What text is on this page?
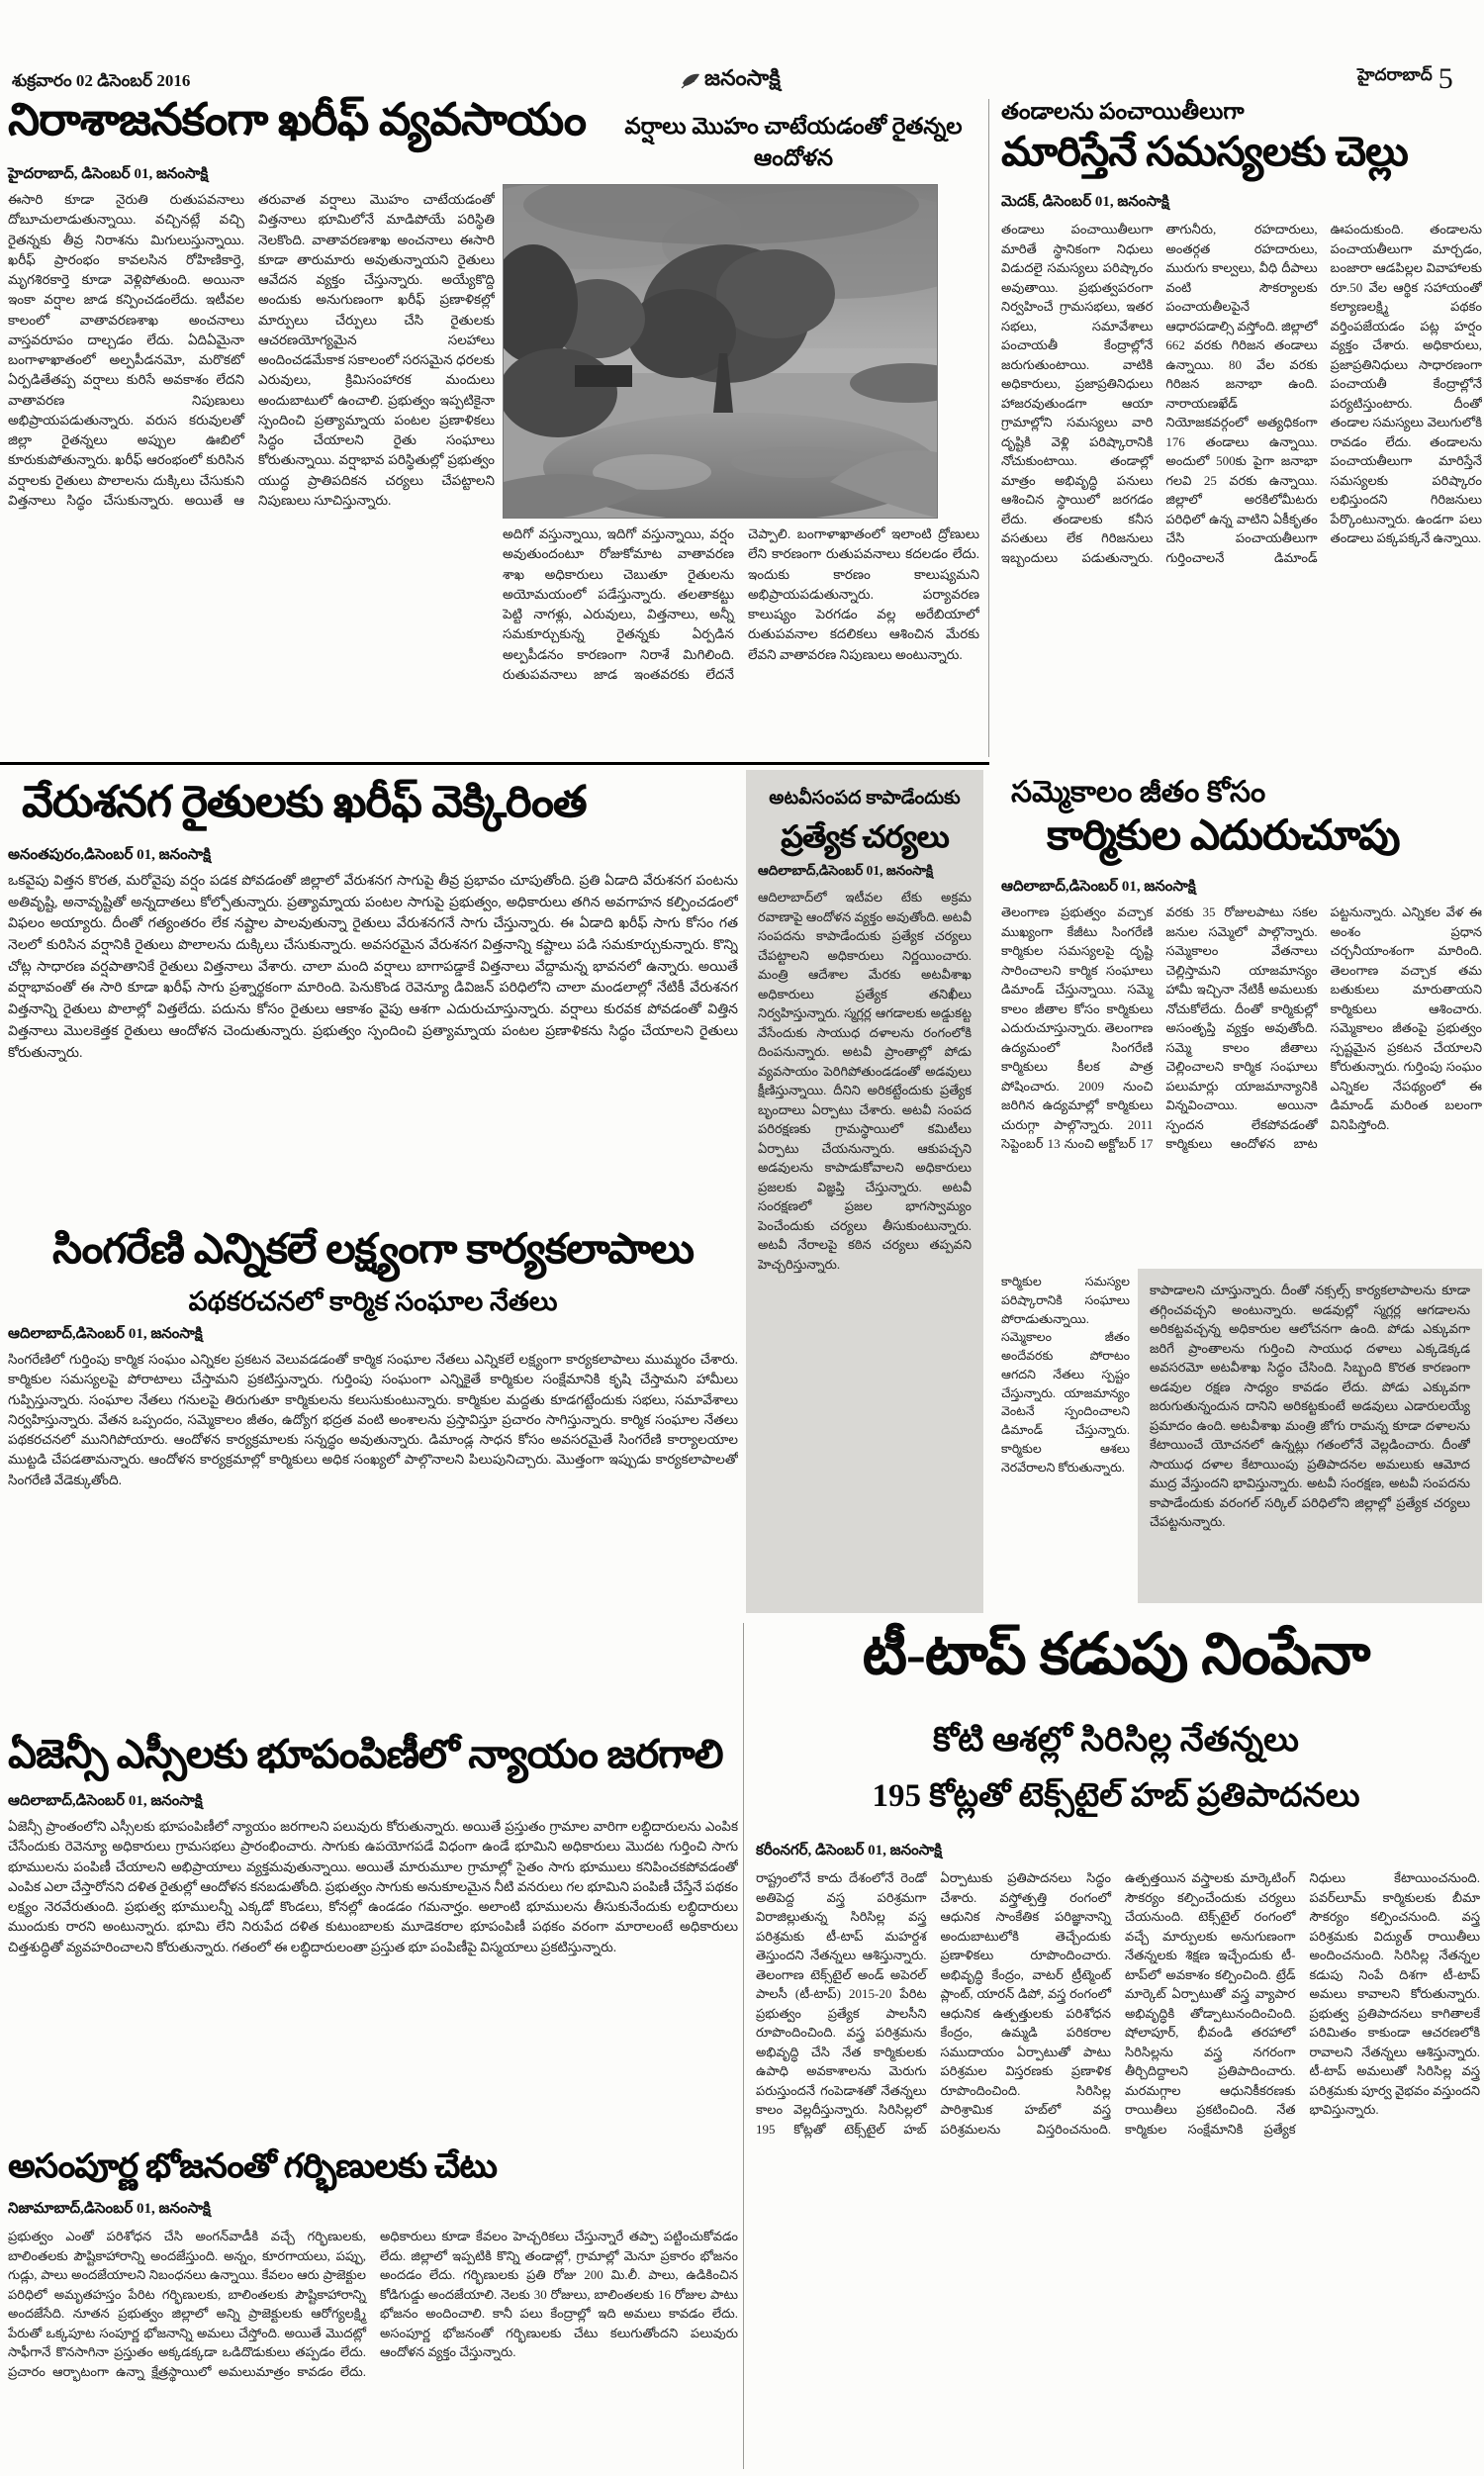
శుక్రవారం 02 డిసెంబర్ 2016	జనంసాక్షి	హైదరాబాద్ 5
నిరాశాజనకంగా ఖరీఫ్ వ్యవసాయం	వర్షాలు మొహం చాటేయడంతో రైతన్నల ఆందోళన
హైదరాబాద్, డిసెంబర్ 01, జనంసాక్షి
ఈసారి కూడా నైరుతి రుతుపవనాలు దోబూచులాడుతున్నాయి. వచ్చినట్లే వచ్చి రైతన్నకు తీవ్ర నిరాశను మిగులుస్తున్నాయి. ఖరీఫ్ ప్రారంభం కావలసిన రోహిణికార్తె, మృగశిరకార్తె కూడా వెళ్లిపోతుంది. అయినా ఇంకా వర్షాల జాడ కన్పించడంలేదు. ఇటీవల కాలంలో వాతావరణశాఖ అంచనాలు వాస్తవరూపం దాల్చడం లేదు. ఏదిఏమైనా బంగాళాఖాతంలో అల్పపీడనమో, మరొకటో ఏర్పడితేతప్ప వర్షాలు కురిసే అవకాశం లేదని వాతావరణ నిపుణులు అభిప్రాయపడుతున్నారు. వరుస కరువులతో జిల్లా రైతన్నలు అప్పుల ఊబిలో కూరుకుపోతున్నారు. ఖరీఫ్ ఆరంభంలో కురిసిన వర్షాలకు రైతులు పొలాలను దుక్కిలు చేసుకుని విత్తనాలు సిద్ధం చేసుకున్నారు. అయితే ఆ తరువాత వర్షాలు మొహం చాటేయడంతో విత్తనాలు భూమిలోనే మాడిపోయే పరిస్థితి నెలకొంది. వాతావరణశాఖ అంచనాలు ఈసారి కూడా తారుమారు అవుతున్నాయని రైతులు ఆవేదన వ్యక్తం చేస్తున్నారు. అయ్యేకొద్ది అందుకు అనుగుణంగా ఖరీఫ్ ప్రణాళికల్లో మార్పులు చేర్పులు చేసి రైతులకు ఆచరణయోగ్యమైన సలహాలు అందించడమేకాక సకాలంలో సరసమైన ధరలకు ఎరువులు, క్రిమిసంహారక మందులు అందుబాటులో ఉంచాలి. ప్రభుత్వం ఇప్పటికైనా స్పందించి ప్రత్యామ్నాయ పంటల ప్రణాళికలు సిద్ధం చేయాలని రైతు సంఘాలు కోరుతున్నాయి. వర్షాభావ పరిస్థితుల్లో ప్రభుత్వం యుద్ధ ప్రాతిపదికన చర్యలు చేపట్టాలని నిపుణులు సూచిస్తున్నారు.
అదిగో వస్తున్నాయి, ఇదిగో వస్తున్నాయి, వర్షం అవుతుందంటూ రోజుకోమాట వాతావరణ శాఖ అధికారులు చెబుతూ రైతులను అయోమయంలో పడేస్తున్నారు. తలతాకట్టు పెట్టి నాగళ్లు, ఎరువులు, విత్తనాలు, అన్నీ సమకూర్చుకున్న రైతన్నకు ఏర్పడిన అల్పపీడనం కారణంగా నిరాశే మిగిలింది. రుతుపవనాలు జాడ ఇంతవరకు లేదనే చెప్పాలి. బంగాళాఖాతంలో ఇలాంటి ద్రోణులు లేని కారణంగా రుతుపవనాలు కదలడం లేదు. ఇందుకు కారణం కాలుష్యమని అభిప్రాయపడుతున్నారు. పర్యావరణ కాలుష్యం పెరగడం వల్ల అరేబియాలో రుతుపవనాల కదలికలు ఆశించిన మేరకు లేవని వాతావరణ నిపుణులు అంటున్నారు.
తండాలను పంచాయితీలుగా
మారిస్తేనే సమస్యలకు చెల్లు
మెదక్, డిసెంబర్ 01, జనంసాక్షి
తండాలు పంచాయితీలుగా మారితే స్థానికంగా నిధులు విడుదలై సమస్యలు పరిష్కారం అవుతాయి. ప్రభుత్వపరంగా నిర్వహించే గ్రామసభలు, ఇతర సభలు, సమావేశాలు పంచాయతీ కేంద్రాల్లోనే జరుగుతుంటాయి. వాటికి అధికారులు, ప్రజాప్రతినిధులు హాజరవుతుండగా ఆయా గ్రామాల్లోని సమస్యలు వారి దృష్టికి వెళ్లి పరిష్కారానికి నోచుకుంటాయి. తండాల్లో మాత్రం అభివృద్ధి పనులు ఆశించిన స్థాయిలో జరగడం లేదు. తండాలకు కనీస వసతులు లేక గిరిజనులు ఇబ్బందులు పడుతున్నారు. తాగునీరు, రహదారులు, అంతర్గత రహదారులు, మురుగు కాల్వలు, వీధి దీపాలు వంటి సౌకర్యాలకు పంచాయతీలపైనే ఆధారపడాల్సి వస్తోంది. జిల్లాలో 662 వరకు గిరిజన తండాలు ఉన్నాయి. 80 వేల వరకు గిరిజన జనాభా ఉంది. నారాయణఖేడ్ నియోజకవర్గంలో అత్యధికంగా 176 తండాలు ఉన్నాయి. అందులో 500కు పైగా జనాభా గలవి 25 వరకు ఉన్నాయి. జిల్లాలో అరకిలోమీటరు పరిధిలో ఉన్న వాటిని ఏకీకృతం చేసి పంచాయతీలుగా గుర్తించాలనే డిమాండ్ ఊపందుకుంది. తండాలను పంచాయతీలుగా మార్చడం, బంజారా ఆడపిల్లల వివాహాలకు రూ.50 వేల ఆర్థిక సహాయంతో కల్యాణలక్ష్మి పథకం వర్తింపజేయడం పట్ల హర్షం వ్యక్తం చేశారు. అధికారులు, ప్రజాప్రతినిధులు సాధారణంగా పంచాయతీ కేంద్రాల్లోనే పర్యటిస్తుంటారు. దీంతో తండాల సమస్యలు వెలుగులోకి రావడం లేదు. తండాలను పంచాయతీలుగా మారిస్తేనే సమస్యలకు పరిష్కారం లభిస్తుందని గిరిజనులు పేర్కొంటున్నారు. ఉండగా పలు తండాలు పక్కపక్కనే ఉన్నాయి.
వేరుశనగ రైతులకు ఖరీఫ్ వెక్కిరింత
అనంతపురం,డిసెంబర్ 01, జనంసాక్షి
ఒకవైపు విత్తన కొరత, మరోవైపు వర్షం పడక పోవడంతో జిల్లాలో వేరుశనగ సాగుపై తీవ్ర ప్రభావం చూపుతోంది. ప్రతి ఏడాది వేరుశనగ పంటను అతివృష్టి, అనావృష్టితో అన్నదాతలు కోల్పోతున్నారు. ప్రత్యామ్నాయ పంటల సాగుపై ప్రభుత్వం, అధికారులు తగిన అవగాహన కల్పించడంలో విఫలం అయ్యారు. దీంతో గత్యంతరం లేక నష్టాల పాలవుతున్నా రైతులు వేరుశనగనే సాగు చేస్తున్నారు. ఈ ఏడాది ఖరీఫ్ సాగు కోసం గత నెలలో కురిసిన వర్షానికి రైతులు పొలాలను దుక్కిలు చేసుకున్నారు. అవసరమైన వేరుశనగ విత్తనాన్ని కష్టాలు పడి సమకూర్చుకున్నారు. కొన్ని చోట్ల సాధారణ వర్షపాతానికే రైతులు విత్తనాలు వేశారు. చాలా మంది వర్షాలు బాగాపడ్డాకే విత్తనాలు వేద్దామన్న భావనలో ఉన్నారు. అయితే వర్షాభావంతో ఈ సారి కూడా ఖరీఫ్ సాగు ప్రశ్నార్థకంగా మారింది. పెనుకొండ రెవెన్యూ డివిజన్ పరిధిలోని చాలా మండలాల్లో నేటికీ వేరుశనగ విత్తనాన్ని రైతులు పొలాల్లో విత్తలేదు. పదును కోసం రైతులు ఆకాశం వైపు ఆశగా ఎదురుచూస్తున్నారు. వర్షాలు కురవక పోవడంతో విత్తిన విత్తనాలు మొలకెత్తక రైతులు ఆందోళన చెందుతున్నారు. ప్రభుత్వం స్పందించి ప్రత్యామ్నాయ పంటల ప్రణాళికను సిద్ధం చేయాలని రైతులు కోరుతున్నారు.
అటవీసంపద కాపాడేందుకు
ప్రత్యేక చర్యలు
ఆదిలాబాద్,డిసెంబర్ 01, జనంసాక్షి
ఆదిలాబాద్‌లో ఇటీవల టేకు అక్రమ రవాణాపై ఆందోళన వ్యక్తం అవుతోంది. అటవీ సంపదను కాపాడేందుకు ప్రత్యేక చర్యలు చేపట్టాలని అధికారులు నిర్ణయించారు. మంత్రి ఆదేశాల మేరకు అటవీశాఖ అధికారులు ప్రత్యేక తనిఖీలు నిర్వహిస్తున్నారు. స్మగ్లర్ల ఆగడాలకు అడ్డుకట్ట వేసేందుకు సాయుధ దళాలను రంగంలోకి దింపనున్నారు. అటవీ ప్రాంతాల్లో పోడు వ్యవసాయం పెరిగిపోతుండడంతో అడవులు క్షీణిస్తున్నాయి. దీనిని అరికట్టేందుకు ప్రత్యేక బృందాలు ఏర్పాటు చేశారు. అటవీ సంపద పరిరక్షణకు గ్రామస్థాయిలో కమిటీలు ఏర్పాటు చేయనున్నారు. ఆకుపచ్చని అడవులను కాపాడుకోవాలని అధికారులు ప్రజలకు విజ్ఞప్తి చేస్తున్నారు. అటవీ సంరక్షణలో ప్రజల భాగస్వామ్యం పెంచేందుకు చర్యలు తీసుకుంటున్నారు. అటవీ నేరాలపై కఠిన చర్యలు తప్పవని హెచ్చరిస్తున్నారు.
సమ్మెకాలం జీతం కోసం
కార్మికుల ఎదురుచూపు
ఆదిలాబాద్,డిసెంబర్ 01, జనంసాక్షి
తెలంగాణ ప్రభుత్వం వచ్చాక ముఖ్యంగా కేజీటు సింగరేణి కార్మికుల సమస్యలపై దృష్టి సారించాలని కార్మిక సంఘాలు డిమాండ్ చేస్తున్నాయి. సమ్మె కాలం జీతాల కోసం కార్మికులు ఎదురుచూస్తున్నారు. తెలంగాణ ఉద్యమంలో సింగరేణి కార్మికులు కీలక పాత్ర పోషించారు. 2009 నుంచి జరిగిన ఉద్యమాల్లో కార్మికులు చురుగ్గా పాల్గొన్నారు. 2011 సెప్టెంబర్ 13 నుంచి అక్టోబర్ 17 వరకు 35 రోజులపాటు సకల జనుల సమ్మెలో పాల్గొన్నారు. సమ్మెకాలం వేతనాలు చెల్లిస్తామని యాజమాన్యం హామీ ఇచ్చినా నేటికీ అమలుకు నోచుకోలేదు. దీంతో కార్మికుల్లో అసంతృప్తి వ్యక్తం అవుతోంది. సమ్మె కాలం జీతాలు చెల్లించాలని కార్మిక సంఘాలు పలుమార్లు యాజమాన్యానికి విన్నవించాయి. అయినా స్పందన లేకపోవడంతో కార్మికులు ఆందోళన బాట పట్టనున్నారు. ఎన్నికల వేళ ఈ అంశం ప్రధాన చర్చనీయాంశంగా మారింది. తెలంగాణ వచ్చాక తమ బతుకులు మారుతాయని కార్మికులు ఆశించారు. సమ్మెకాలం జీతంపై ప్రభుత్వం స్పష్టమైన ప్రకటన చేయాలని కోరుతున్నారు. గుర్తింపు సంఘం ఎన్నికల నేపథ్యంలో ఈ డిమాండ్ మరింత బలంగా వినిపిస్తోంది.
కార్మికుల సమస్యల పరిష్కారానికి సంఘాలు పోరాడుతున్నాయి. సమ్మెకాలం జీతం అందేవరకు పోరాటం ఆగదని నేతలు స్పష్టం చేస్తున్నారు. యాజమాన్యం వెంటనే స్పందించాలని డిమాండ్ చేస్తున్నారు. కార్మికుల ఆశలు నెరవేరాలని కోరుతున్నారు.
కాపాడాలని చూస్తున్నారు. దీంతో నక్సల్స్ కార్యకలాపాలను కూడా తగ్గించవచ్చని అంటున్నారు. అడవుల్లో స్మగ్లర్ల ఆగడాలను అరికట్టవచ్చన్న అధికారుల ఆలోచనగా ఉంది. పోడు ఎక్కువగా జరిగే ప్రాంతాలను గుర్తించి సాయుధ దళాలు ఎక్కడెక్కడ అవసరమో అటవీశాఖ సిద్ధం చేసింది. సిబ్బంది కొరత కారణంగా అడవుల రక్షణ సాధ్యం కావడం లేదు. పోడు ఎక్కువగా జరుగుతున్నందున దానిని అరికట్టకుంటే అడవులు ఎడారులయ్యే ప్రమాదం ఉంది. అటవీశాఖ మంత్రి జోగు రామన్న కూడా దళాలను కేటాయించే యోచనలో ఉన్నట్లు గతంలోనే వెల్లడించారు. దీంతో సాయుధ దళాల కేటాయింపు ప్రతిపాదనల అమలుకు ఆమోద ముద్ర వేస్తుందని భావిస్తున్నారు. అటవీ సంరక్షణ, అటవీ సంపదను కాపాడేందుకు వరంగల్ సర్కిల్ పరిధిలోని జిల్లాల్లో ప్రత్యేక చర్యలు చేపట్టనున్నారు.
సింగరేణి ఎన్నికలే లక్ష్యంగా కార్యకలాపాలు
పథకరచనలో కార్మిక సంఘాల నేతలు
ఆదిలాబాద్,డిసెంబర్ 01, జనంసాక్షి
సింగరేణిలో గుర్తింపు కార్మిక సంఘం ఎన్నికల ప్రకటన వెలువడడంతో కార్మిక సంఘాల నేతలు ఎన్నికలే లక్ష్యంగా కార్యకలాపాలు ముమ్మరం చేశారు. కార్మికుల సమస్యలపై పోరాటాలు చేస్తామని ప్రకటిస్తున్నారు. గుర్తింపు సంఘంగా ఎన్నికైతే కార్మికుల సంక్షేమానికి కృషి చేస్తామని హామీలు గుప్పిస్తున్నారు. సంఘాల నేతలు గనులపై తిరుగుతూ కార్మికులను కలుసుకుంటున్నారు. కార్మికుల మద్దతు కూడగట్టేందుకు సభలు, సమావేశాలు నిర్వహిస్తున్నారు. వేతన ఒప్పందం, సమ్మెకాలం జీతం, ఉద్యోగ భద్రత వంటి అంశాలను ప్రస్తావిస్తూ ప్రచారం సాగిస్తున్నారు. కార్మిక సంఘాల నేతలు పథకరచనలో మునిగిపోయారు. ఆందోళన కార్యక్రమాలకు సన్నద్ధం అవుతున్నారు. డిమాండ్ల సాధన కోసం అవసరమైతే సింగరేణి కార్యాలయాల ముట్టడి చేపడతామన్నారు. ఆందోళన కార్యక్రమాల్లో కార్మికులు అధిక సంఖ్యలో పాల్గొనాలని పిలుపునిచ్చారు. మొత్తంగా ఇప్పుడు కార్యకలాపాలతో సింగరేణి వేడెక్కుతోంది.
ఏజెన్సీ ఎస్సీలకు భూపంపిణీలో న్యాయం జరగాలి
ఆదిలాబాద్,డిసెంబర్ 01, జనంసాక్షి
ఏజెన్సీ ప్రాంతంలోని ఎస్సీలకు భూపంపిణీలో న్యాయం జరగాలని పలువురు కోరుతున్నారు. అయితే ప్రస్తుతం గ్రామాల వారిగా లబ్ధిదారులను ఎంపిక చేసేందుకు రెవెన్యూ అధికారులు గ్రామసభలు ప్రారంభించారు. సాగుకు ఉపయోగపడే విధంగా ఉండే భూమిని అధికారులు మొదట గుర్తించి సాగు భూములను పంపిణీ చేయాలని అభిప్రాయాలు వ్యక్తమవుతున్నాయి. అయితే మారుమూల గ్రామాల్లో సైతం సాగు భూములు కనిపించకపోవడంతో ఎంపిక ఎలా చేస్తారోనని దళిత రైతుల్లో ఆందోళన కనబడుతోంది. ప్రభుత్వం సాగుకు అనుకూలమైన నీటి వనరులు గల భూమిని పంపిణీ చేస్తేనే పథకం లక్ష్యం నెరవేరుతుంది. ప్రభుత్వ భూములన్నీ ఎక్కడో కొండలు, కోనల్లో ఉండడం గమనార్హం. అలాంటి భూములను తీసుకునేందుకు లబ్ధిదారులు ముందుకు రారని అంటున్నారు. భూమి లేని నిరుపేద దళిత కుటుంబాలకు మూడెకరాల భూపంపిణీ పథకం వరంగా మారాలంటే అధికారులు చిత్తశుద్ధితో వ్యవహరించాలని కోరుతున్నారు. గతంలో ఈ లబ్ధిదారులంతా ప్రస్తుత భూ పంపిణీపై విస్మయాలు ప్రకటిస్తున్నారు.
టీ-టాప్ కడుపు నింపేనా
కోటి ఆశల్లో సిరిసిల్ల నేతన్నలు
195 కోట్లతో టెక్స్‌టైల్ హబ్ ప్రతిపాదనలు
కరీంనగర్, డిసెంబర్ 01, జనంసాక్షి
రాష్ట్రంలోనే కాదు దేశంలోనే రెండో అతిపెద్ద వస్త్ర పరిశ్రమగా విరాజిల్లుతున్న సిరిసిల్ల వస్త్ర పరిశ్రమకు టీ-టాప్ మహర్దశ తెస్తుందని నేతన్నలు ఆశిస్తున్నారు. తెలంగాణ టెక్స్‌టైల్ అండ్ అపెరల్ పాలసీ (టీ-టాప్) 2015-20 పేరిట ప్రభుత్వం ప్రత్యేక పాలసీని రూపొందించింది. వస్త్ర పరిశ్రమను అభివృద్ధి చేసి నేత కార్మికులకు ఉపాధి అవకాశాలను మెరుగు పరుస్తుందనే గంపెడాశతో నేతన్నలు కాలం వెల్లదీస్తున్నారు. సిరిసిల్లలో 195 కోట్లతో టెక్స్‌టైల్ హబ్ ఏర్పాటుకు ప్రతిపాదనలు సిద్ధం చేశారు. వస్త్రోత్పత్తి రంగంలో ఆధునిక సాంకేతిక పరిజ్ఞానాన్ని అందుబాటులోకి తెచ్చేందుకు ప్రణాళికలు రూపొందించారు. అభివృద్ధి కేంద్రం, వాటర్ ట్రీట్మెంట్ ప్లాంట్, యారన్ డిపో, వస్త్ర రంగంలో ఆధునిక ఉత్పత్తులకు పరిశోధన కేంద్రం, ఉమ్మడి పరికరాల సముదాయం ఏర్పాటుతో పాటు పరిశ్రమల విస్తరణకు ప్రణాళిక రూపొందించింది. సిరిసిల్ల పారిశ్రామిక హబ్‌లో వస్త్ర పరిశ్రమలను విస్తరించనుంది. ఉత్పత్తయిన వస్త్రాలకు మార్కెటింగ్ సౌకర్యం కల్పించేందుకు చర్యలు చేయనుంది. టెక్స్‌టైల్ రంగంలో వచ్చే మార్పులకు అనుగుణంగా నేతన్నలకు శిక్షణ ఇచ్చేందుకు టీ-టాప్‌లో అవకాశం కల్పించింది. ట్రేడ్ మార్కెట్ ఏర్పాటుతో వస్త్ర వ్యాపార అభివృద్ధికి తోడ్పాటునందించింది. షోలాపూర్, భీవండి తరహాలో సిరిసిల్లను వస్త్ర నగరంగా తీర్చిదిద్దాలని ప్రతిపాదించారు. మరమగ్గాల ఆధునికీకరణకు రాయితీలు ప్రకటించింది. నేత కార్మికుల సంక్షేమానికి ప్రత్యేక నిధులు కేటాయించనుంది. పవర్‌లూమ్ కార్మికులకు బీమా సౌకర్యం కల్పించనుంది. వస్త్ర పరిశ్రమకు విద్యుత్ రాయితీలు అందించనుంది. సిరిసిల్ల నేతన్నల కడుపు నింపే దిశగా టీ-టాప్ అమలు కావాలని కోరుతున్నారు. ప్రభుత్వ ప్రతిపాదనలు కాగితాలకే పరిమితం కాకుండా ఆచరణలోకి రావాలని నేతన్నలు ఆశిస్తున్నారు. టీ-టాప్ అమలుతో సిరిసిల్ల వస్త్ర పరిశ్రమకు పూర్వ వైభవం వస్తుందని భావిస్తున్నారు.
అసంపూర్ణ భోజనంతో గర్భిణులకు చేటు
నిజామాబాద్,డిసెంబర్ 01, జనంసాక్షి
ప్రభుత్వం ఎంతో పరిశోధన చేసి అంగన్‌వాడీకి వచ్చే గర్భిణులకు, బాలింతలకు పౌష్టికాహారాన్ని అందజేస్తుంది. అన్నం, కూరగాయలు, పప్పు, గుడ్లు, పాలు అందజేయాలని నిబంధనలు ఉన్నాయి. కేవలం ఆరు ప్రాజెక్టుల పరిధిలో అమృతహస్తం పేరిట గర్భిణులకు, బాలింతలకు పౌష్టికాహారాన్ని అందజేసేది. నూతన ప్రభుత్వం జిల్లాలో అన్ని ప్రాజెక్టులకు ఆరోగ్యలక్ష్మి పేరుతో ఒక్కపూట సంపూర్ణ భోజనాన్ని అమలు చేస్తోంది. అయితే మొదట్లో సాఫీగానే కొనసాగినా ప్రస్తుతం అక్కడక్కడా ఒడిదొడుకులు తప్పడం లేదు. ప్రచారం ఆర్భాటంగా ఉన్నా క్షేత్రస్థాయిలో అమలుమాత్రం కావడం లేదు. అధికారులు కూడా కేవలం హెచ్చరికలు చేస్తున్నారే తప్పా పట్టించుకోవడం లేదు. జిల్లాలో ఇప్పటికి కొన్ని తండాల్లో, గ్రామాల్లో మెనూ ప్రకారం భోజనం అందడం లేదు. గర్భిణులకు ప్రతి రోజు 200 మి.లీ. పాలు, ఉడికించిన కోడిగుడ్డు అందజేయాలి. నెలకు 30 రోజులు, బాలింతలకు 16 రోజుల పాటు భోజనం అందించాలి. కానీ పలు కేంద్రాల్లో ఇది అమలు కావడం లేదు. అసంపూర్ణ భోజనంతో గర్భిణులకు చేటు కలుగుతోందని పలువురు ఆందోళన వ్యక్తం చేస్తున్నారు.
